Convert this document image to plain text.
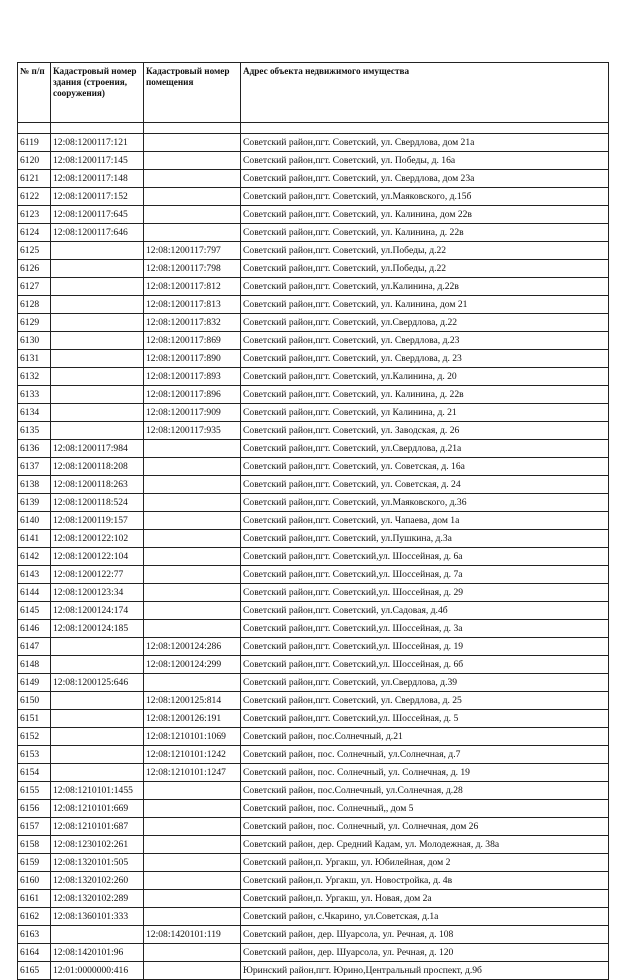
№ п/п	Кадастровый номер здания (строения, сооружения)	Кадастровый номер помещения	Адрес объекта недвижимого имущества

6119	12:08:1200117:121		Советский район,пгт. Советский, ул. Свердлова, дом 21а
6120	12:08:1200117:145		Советский район,пгт. Советский, ул. Победы, д. 16а
6121	12:08:1200117:148		Советский район,пгт. Советский, ул. Свердлова, дом 23а
6122	12:08:1200117:152		Советский район,пгт. Советский, ул.Маяковского, д.15б
6123	12:08:1200117:645		Советский район,пгт. Советский, ул. Калинина, дом 22в
6124	12:08:1200117:646		Советский район,пгт. Советский, ул. Калинина, д. 22в
6125		12:08:1200117:797	Советский район,пгт. Советский, ул.Победы, д.22
6126		12:08:1200117:798	Советский район,пгт. Советский, ул.Победы, д.22
6127		12:08:1200117:812	Советский район,пгт. Советский, ул.Калинина, д.22в
6128		12:08:1200117:813	Советский район,пгт. Советский, ул. Калинина, дом 21
6129		12:08:1200117:832	Советский район,пгт. Советский, ул.Свердлова, д.22
6130		12:08:1200117:869	Советский район,пгт. Советский, ул. Свердлова, д.23
6131		12:08:1200117:890	Советский район,пгт. Советский, ул. Свердлова, д. 23
6132		12:08:1200117:893	Советский район,пгт. Советский, ул.Калинина, д. 20
6133		12:08:1200117:896	Советский район,пгт. Советский, ул. Калинина, д. 22в
6134		12:08:1200117:909	Советский район,пгт. Советский, ул Калинина, д. 21
6135		12:08:1200117:935	Советский район,пгт. Советский, ул. Заводская, д. 26
6136	12:08:1200117:984		Советский район,пгт. Советский, ул.Свердлова, д.21а
6137	12:08:1200118:208		Советский район,пгт. Советский, ул. Советская, д. 16а
6138	12:08:1200118:263		Советский район,пгт. Советский, ул. Советская, д. 24
6139	12:08:1200118:524		Советский район,пгт. Советский, ул.Маяковского, д.36
6140	12:08:1200119:157		Советский район,пгт. Советский, ул. Чапаева, дом 1а
6141	12:08:1200122:102		Советский район,пгт. Советский, ул.Пушкина, д.3а
6142	12:08:1200122:104		Советский район,пгт. Советский,ул. Шоссейная, д. 6а
6143	12:08:1200122:77		Советский район,пгт. Советский,ул. Шоссейная, д. 7а
6144	12:08:1200123:34		Советский район,пгт. Советский,ул. Шоссейная, д. 29
6145	12:08:1200124:174		Советский район,пгт. Советский, ул.Садовая, д.4б
6146	12:08:1200124:185		Советский район,пгт. Советский,ул. Шоссейная, д. 3а
6147		12:08:1200124:286	Советский район,пгт. Советский,ул. Шоссейная, д. 19
6148		12:08:1200124:299	Советский район,пгт. Советский,ул. Шоссейная, д. 6б
6149	12:08:1200125:646		Советский район,пгт. Советский, ул.Свердлова, д.39
6150		12:08:1200125:814	Советский район,пгт. Советский, ул. Свердлова, д. 25
6151		12:08:1200126:191	Советский район,пгт. Советский,ул. Шоссейная, д. 5
6152		12:08:1210101:1069	Советский район, пос.Солнечный, д.21
6153		12:08:1210101:1242	Советский район, пос. Солнечный, ул.Солнечная, д.7
6154		12:08:1210101:1247	Советский район, пос. Солнечный, ул. Солнечная, д. 19
6155	12:08:1210101:1455		Советский район, пос.Солнечный, ул.Солнечная, д.28
6156	12:08:1210101:669		Советский район, пос. Солнечный,, дом 5
6157	12:08:1210101:687		Советский район, пос. Солнечный, ул. Солнечная, дом 26
6158	12:08:1230102:261		Советский район, дер. Средний Кадам, ул. Молодежная, д. 38а
6159	12:08:1320101:505		Советский район,п. Ургакш, ул. Юбилейная, дом 2
6160	12:08:1320102:260		Советский район,п. Ургакш, ул. Новостройка, д. 4в
6161	12:08:1320102:289		Советский район,п. Ургакш, ул. Новая, дом 2а
6162	12:08:1360101:333		Советский район, с.Чкарино, ул.Советская, д.1а
6163		12:08:1420101:119	Советский район, дер. Шуарсола, ул. Речная, д. 108
6164	12:08:1420101:96		Советский район, дер. Шуарсола, ул. Речная, д. 120
6165	12:01:0000000:416		Юринский район,пгт. Юрино,Центральный проспект, д.9б
